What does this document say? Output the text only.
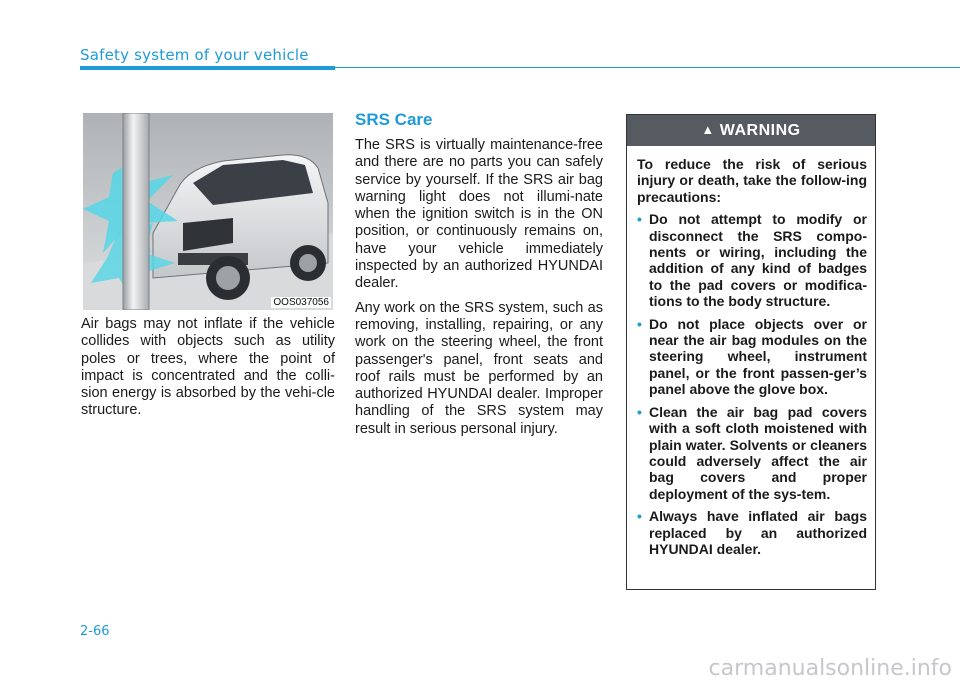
Safety system of your vehicle
OOS037056

Air bags may not inflate if the vehicle collides with objects such as utility poles or trees, where the point of impact is concentrated and the colli-sion energy is absorbed by the vehi-cle structure.

SRS Care

The SRS is virtually maintenance-free and there are no parts you can safely service by yourself. If the SRS air bag warning light does not illumi-nate when the ignition switch is in the ON position, or continuously remains on, have your vehicle immediately inspected by an authorized HYUNDAI dealer.

Any work on the SRS system, such as removing, installing, repairing, or any work on the steering wheel, the front passenger's panel, front seats and roof rails must be performed by an authorized HYUNDAI dealer. Improper handling of the SRS system may result in serious personal injury.

▲ WARNING

To reduce the risk of serious injury or death, take the follow-ing precautions:

• Do not attempt to modify or disconnect the SRS compo-nents or wiring, including the addition of any kind of badges to the pad covers or modifica-tions to the body structure.
• Do not place objects over or near the air bag modules on the steering wheel, instrument panel, or the front passen-ger’s panel above the glove box.
• Clean the air bag pad covers with a soft cloth moistened with plain water. Solvents or cleaners could adversely affect the air bag covers and proper deployment of the sys-tem.
• Always have inflated air bags replaced by an authorized HYUNDAI dealer.
2-66
carmanualsonline.info
